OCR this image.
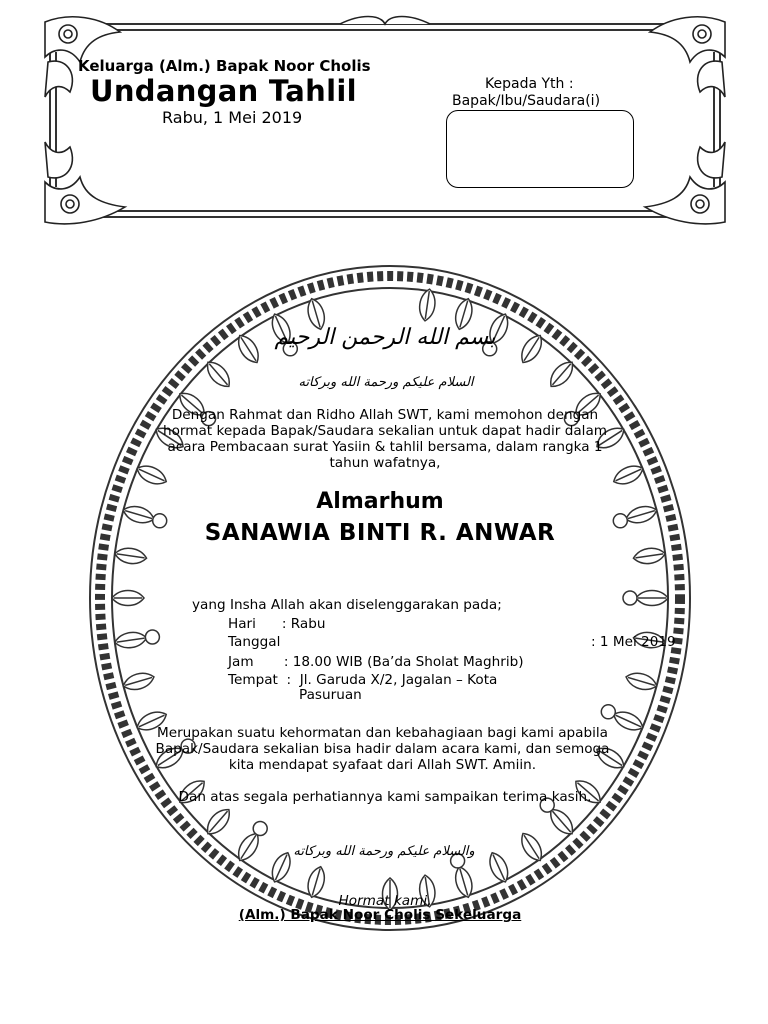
Keluarga (Alm.) Bapak Noor Cholis
Undangan Tahlil
Rabu, 1 Mei 2019
Kepada Yth :
Bapak/Ibu/Saudara(i)
بسم الله الرحمن الرحيم
السلام عليكم ورحمة الله وبركاته
Dengan Rahmat dan Ridho Allah SWT, kami memohon dengan hormat kepada Bapak/Saudara sekalian untuk dapat hadir dalam acara Pembacaan surat Yasiin & tahlil bersama, dalam rangka 1 tahun wafatnya,
Almarhum
SANAWIA BINTI R. ANWAR
yang Insha Allah akan diselenggarakan pada;
Hari      : Rabu
Tanggal	: 1 Mei 2019
Jam       : 18.00 WIB (Ba’da Sholat Maghrib)
Tempat  :  Jl. Garuda X/2, Jagalan – Kota
Pasuruan
Merupakan suatu kehormatan dan kebahagiaan bagi kami apabila Bapak/Saudara sekalian bisa hadir dalam acara kami, dan semoga kita mendapat syafaat dari Allah SWT. Amiin.
Dan atas segala perhatiannya kami sampaikan terima kasih.
والسلام عليكم ورحمة الله وبركاته
Hormat kami,
(Alm.) Bapak Noor Cholis Sekeluarga
